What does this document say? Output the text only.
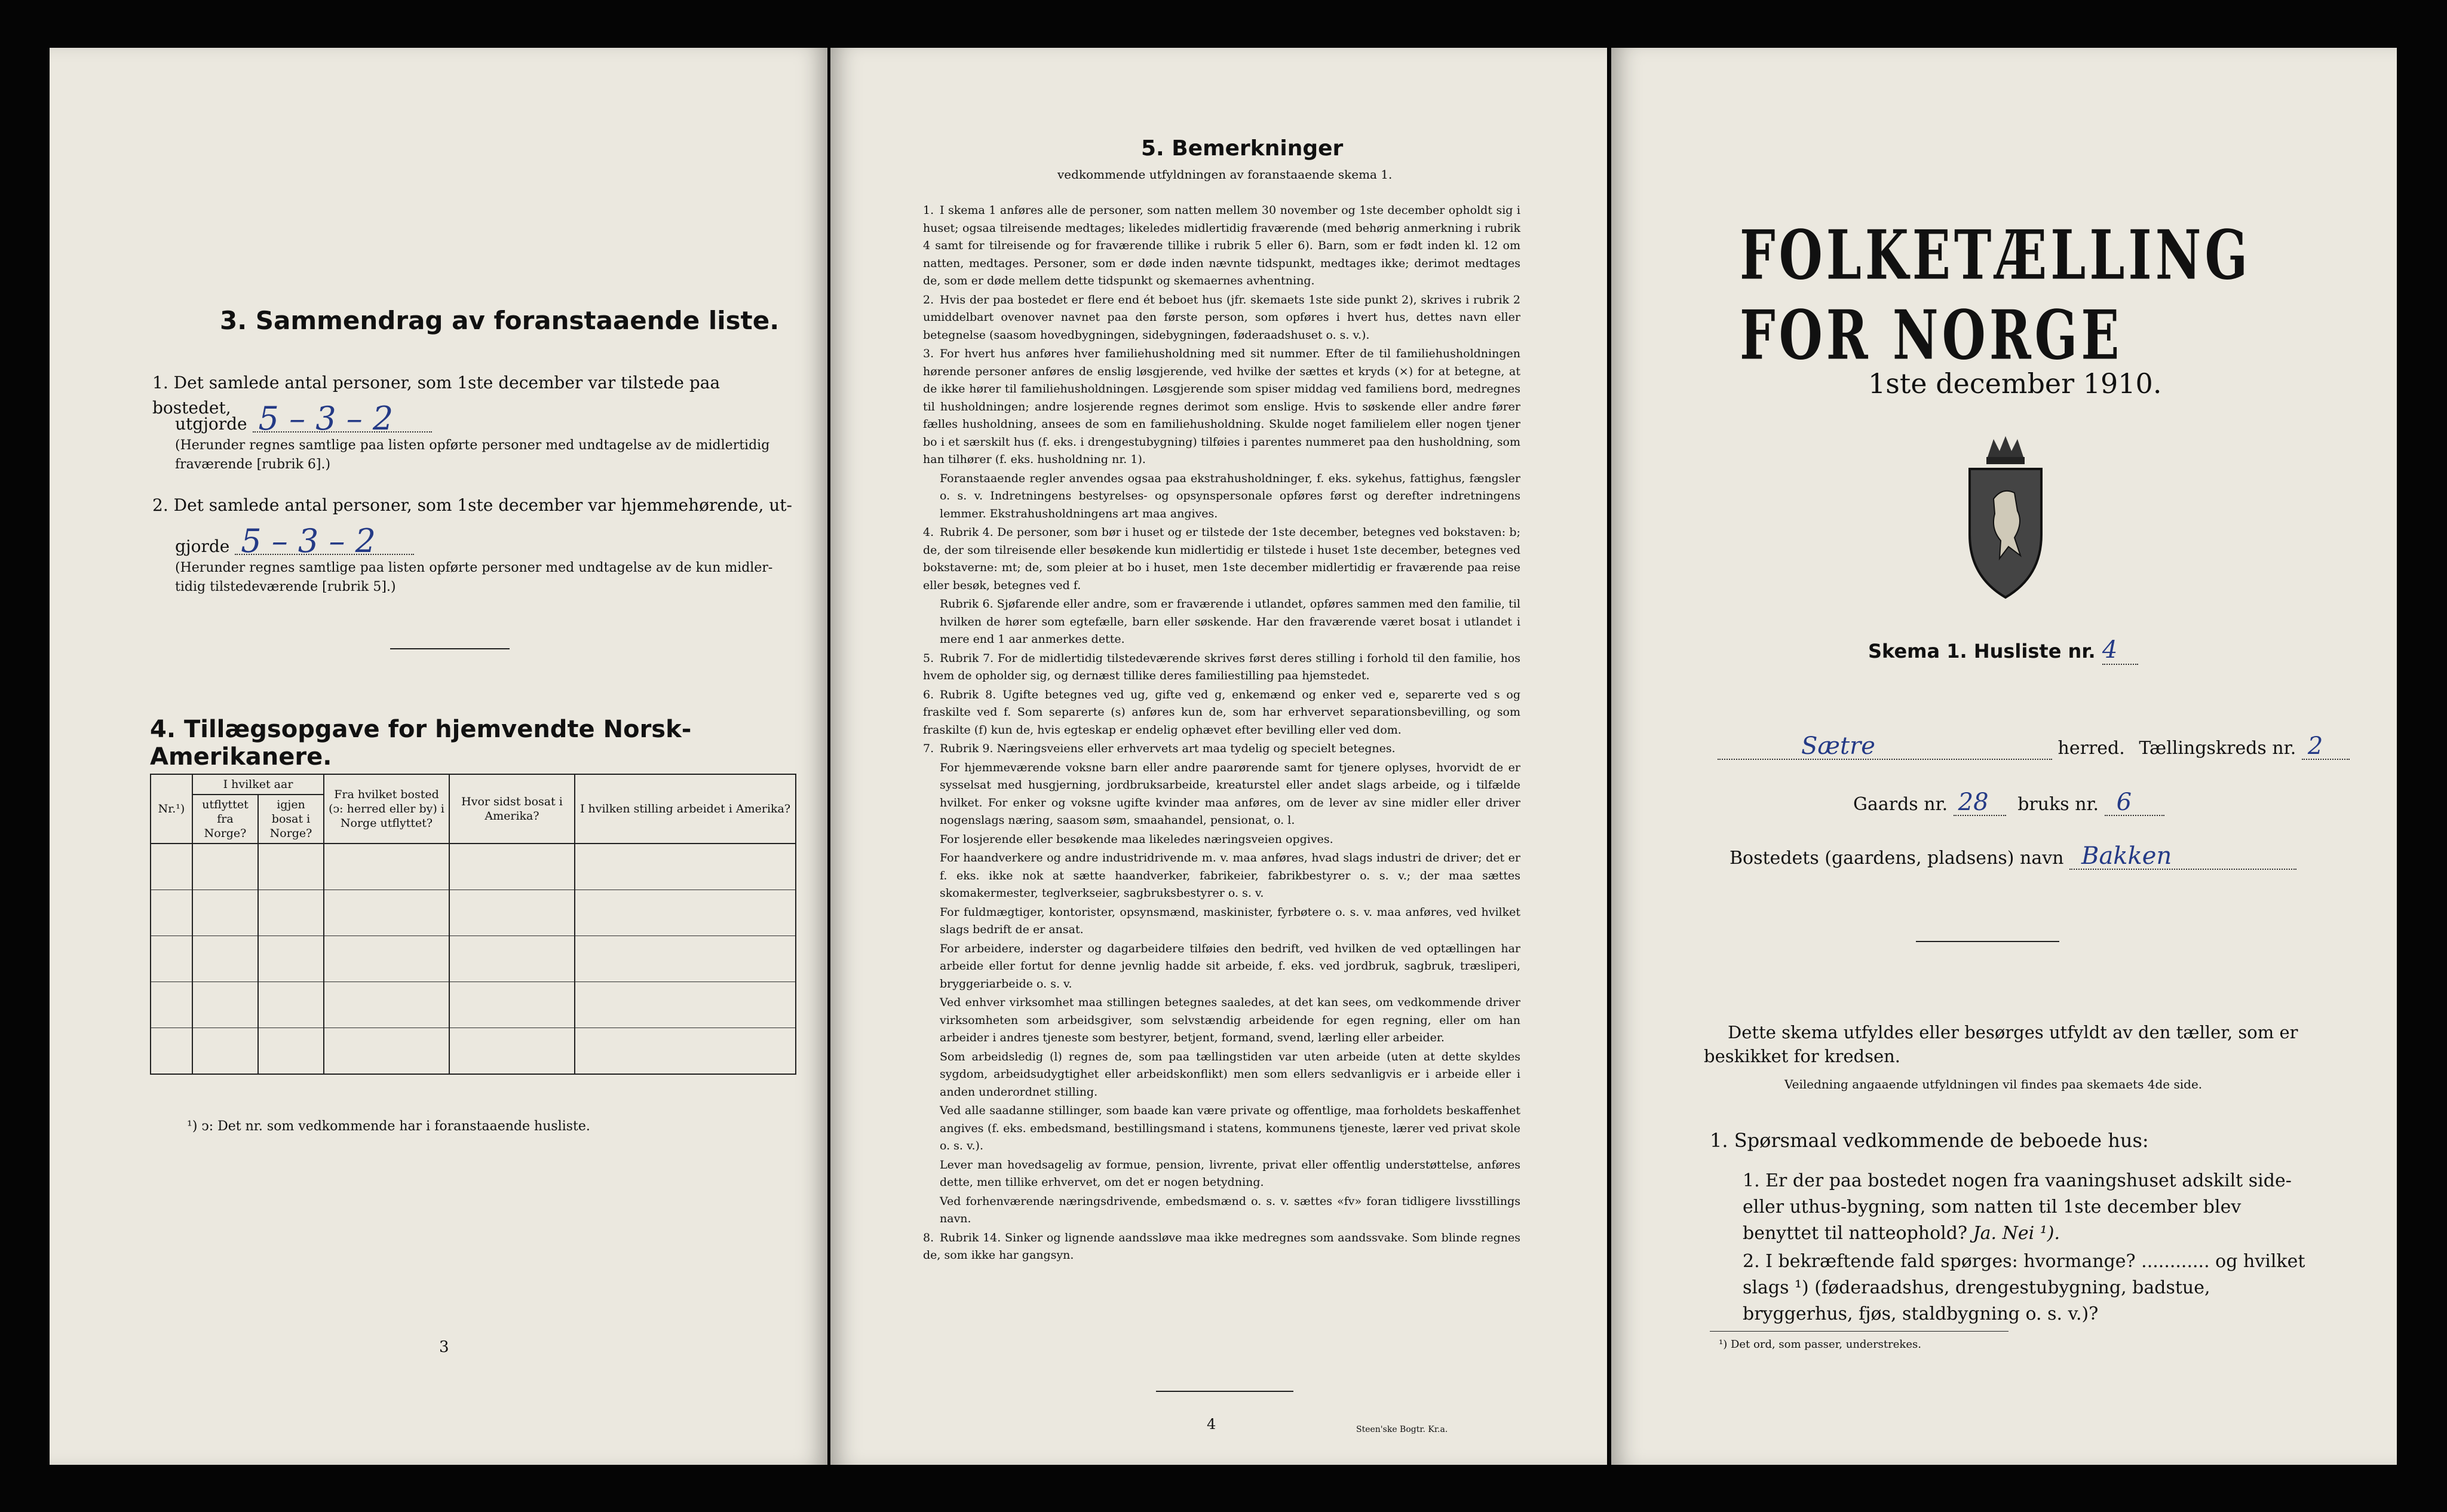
3. Sammendrag av foranstaaende liste.
1. Det samlede antal personer, som 1ste december var tilstede paa bostedet,
utgjorde 5 – 3 – 2
(Herunder regnes samtlige paa listen opførte personer med undtagelse av de midlertidig
fraværende [rubrik 6].)
2. Det samlede antal personer, som 1ste december var hjemmehørende, ut-
gjorde 5 – 3 – 2
(Herunder regnes samtlige paa listen opførte personer med undtagelse av de kun midler-
tidig tilstedeværende [rubrik 5].)
4. Tillægsopgave for hjemvendte Norsk-Amerikanere.
Nr.¹)	I hvilket aar		Fra hvilket bosted (ↄ: herred eller by) i Norge utflyttet?	Hvor sidst bosat i Amerika?	I hvilken stilling arbeidet i Amerika?
	utflyttet fra Norge?	igjen bosat i Norge?			

¹) ↄ: Det nr. som vedkommende har i foranstaaende husliste.
3
5. Bemerkninger
vedkommende utfyldningen av foranstaaende skema 1.
1. I skema 1 anføres alle de personer, som natten mellem 30 november og 1ste december opholdt sig i huset; ogsaa tilreisende medtages; likeledes midlertidig fraværende (med behørig anmerkning i rubrik 4 samt for tilreisende og for fraværende tillike i rubrik 5 eller 6). Barn, som er født inden kl. 12 om natten, medtages. Personer, som er døde inden nævnte tidspunkt, medtages ikke; derimot medtages de, som er døde mellem dette tidspunkt og skemaernes avhentning.
2. Hvis der paa bostedet er flere end ét beboet hus (jfr. skemaets 1ste side punkt 2), skrives i rubrik 2 umiddelbart ovenover navnet paa den første person, som opføres i hvert hus, dettes navn eller betegnelse (saasom hovedbygningen, sidebygningen, føderaadshuset o. s. v.).
3. For hvert hus anføres hver familiehusholdning med sit nummer. Efter de til familiehusholdningen hørende personer anføres de enslig løsgjerende, ved hvilke der sættes et kryds (×) for at betegne, at de ikke hører til familiehusholdningen. Løsgjerende som spiser middag ved familiens bord, medregnes til husholdningen; andre losjerende regnes derimot som enslige. Hvis to søskende eller andre fører fælles husholdning, ansees de som en familiehusholdning. Skulde noget familielem eller nogen tjener bo i et særskilt hus (f. eks. i drengestubygning) tilføies i parentes nummeret paa den husholdning, som han tilhører (f. eks. husholdning nr. 1).
Foranstaaende regler anvendes ogsaa paa ekstrahusholdninger, f. eks. sykehus, fattighus, fængsler o. s. v. Indretningens bestyrelses- og opsynspersonale opføres først og derefter indretningens lemmer. Ekstrahusholdningens art maa angives.
4. Rubrik 4. De personer, som bør i huset og er tilstede der 1ste december, betegnes ved bokstaven: b; de, der som tilreisende eller besøkende kun midlertidig er tilstede i huset 1ste december, betegnes ved bokstaverne: mt; de, som pleier at bo i huset, men 1ste december midlertidig er fraværende paa reise eller besøk, betegnes ved f.
Rubrik 6. Sjøfarende eller andre, som er fraværende i utlandet, opføres sammen med den familie, til hvilken de hører som egtefælle, barn eller søskende. Har den fraværende været bosat i utlandet i mere end 1 aar anmerkes dette.
5. Rubrik 7. For de midlertidig tilstedeværende skrives først deres stilling i forhold til den familie, hos hvem de opholder sig, og dernæst tillike deres familiestilling paa hjemstedet.
6. Rubrik 8. Ugifte betegnes ved ug, gifte ved g, enkemænd og enker ved e, separerte ved s og fraskilte ved f. Som separerte (s) anføres kun de, som har erhvervet separationsbevilling, og som fraskilte (f) kun de, hvis egteskap er endelig ophævet efter bevilling eller ved dom.
7. Rubrik 9. Næringsveiens eller erhvervets art maa tydelig og specielt betegnes.
For hjemmeværende voksne barn eller andre paarørende samt for tjenere oplyses, hvorvidt de er sysselsat med husgjerning, jordbruksarbeide, kreaturstel eller andet slags arbeide, og i tilfælde hvilket. For enker og voksne ugifte kvinder maa anføres, om de lever av sine midler eller driver nogenslags næring, saasom søm, smaahandel, pensionat, o. l.
For losjerende eller besøkende maa likeledes næringsveien opgives.
For haandverkere og andre industridrivende m. v. maa anføres, hvad slags industri de driver; det er f. eks. ikke nok at sætte haandverker, fabrikeier, fabrikbestyrer o. s. v.; der maa sættes skomakermester, teglverkseier, sagbruksbestyrer o. s. v.
For fuldmægtiger, kontorister, opsynsmænd, maskinister, fyrbøtere o. s. v. maa anføres, ved hvilket slags bedrift de er ansat.
For arbeidere, inderster og dagarbeidere tilføies den bedrift, ved hvilken de ved optællingen har arbeide eller fortut for denne jevnlig hadde sit arbeide, f. eks. ved jordbruk, sagbruk, træsliperi, bryggeriarbeide o. s. v.
Ved enhver virksomhet maa stillingen betegnes saaledes, at det kan sees, om vedkommende driver virksomheten som arbeidsgiver, som selvstændig arbeidende for egen regning, eller om han arbeider i andres tjeneste som bestyrer, betjent, formand, svend, lærling eller arbeider.
Som arbeidsledig (l) regnes de, som paa tællingstiden var uten arbeide (uten at dette skyldes sygdom, arbeidsudygtighet eller arbeidskonflikt) men som ellers sedvanligvis er i arbeide eller i anden underordnet stilling.
Ved alle saadanne stillinger, som baade kan være private og offentlige, maa forholdets beskaffenhet angives (f. eks. embedsmand, bestillingsmand i statens, kommunens tjeneste, lærer ved privat skole o. s. v.).
Lever man hovedsagelig av formue, pension, livrente, privat eller offentlig understøttelse, anføres dette, men tillike erhvervet, om det er nogen betydning.
Ved forhenværende næringsdrivende, embedsmænd o. s. v. sættes «fv» foran tidligere livsstillings navn.
8. Rubrik 14. Sinker og lignende aandssløve maa ikke medregnes som aandssvake. Som blinde regnes de, som ikke har gangsyn.
4	Steen'ske Bogtr. Kr.a.
FOLKETÆLLING FOR NORGE
1ste december 1910.
Skema 1. Husliste nr. 4
Sætre	herred. Tællingskreds nr. 2
Gaards nr. 28 bruks nr. 6
Bostedets (gaardens, pladsens) navn Bakken
Dette skema utfyldes eller besørges utfyldt av den tæller, som er beskikket for kredsen.
Veiledning angaaende utfyldningen vil findes paa skemaets 4de side.
1. Spørsmaal vedkommende de beboede hus:
1. Er der paa bostedet nogen fra vaaningshuset adskilt side- eller uthus-bygning, som natten til 1ste december blev benyttet til natteophold? Ja. Nei ¹).
2. I bekræftende fald spørges: hvormange? ............ og hvilket slags ¹) (føderaadshus, drengestubygning, badstue, bryggerhus, fjøs, staldbygning o. s. v.)?
¹) Det ord, som passer, understrekes.
